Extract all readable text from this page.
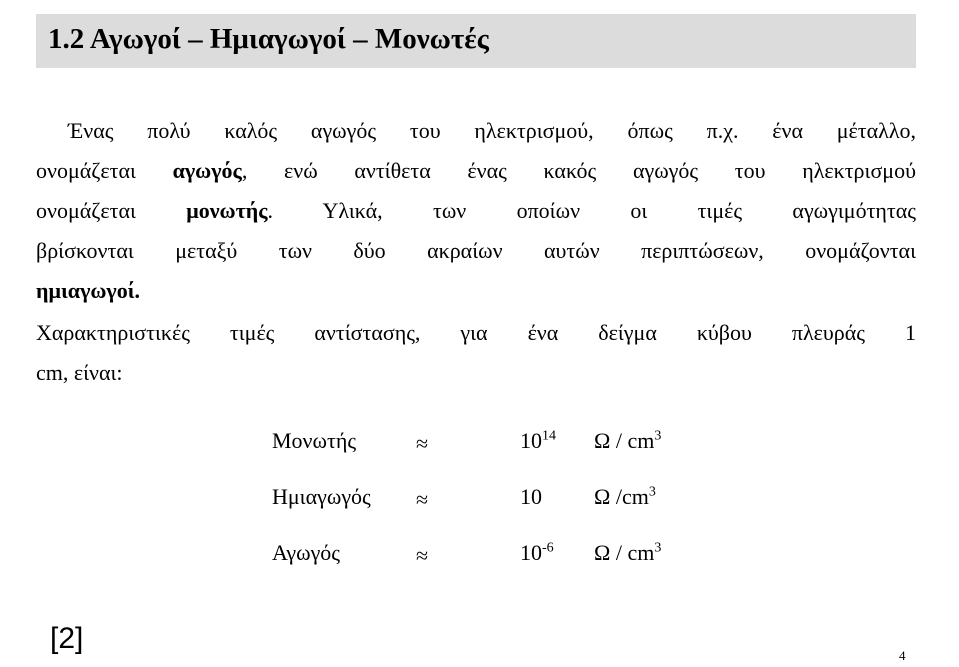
1.2 Αγωγοί – Ημιαγωγοί – Μονωτές
Ένας πολύ καλός αγωγός του ηλεκτρισμού, όπως π.χ. ένα μέταλλο,
ονομάζεται αγωγός, ενώ αντίθετα ένας κακός αγωγός του ηλεκτρισμού
ονομάζεται μονωτής. Υλικά, των οποίων οι τιμές αγωγιμότητας
βρίσκονται μεταξύ των δύο ακραίων αυτών περιπτώσεων, ονομάζονται
ημιαγωγοί.
Χαρακτηριστικές τιμές αντίστασης, για ένα δείγμα κύβου πλευράς 1
cm, είναι:
Μονωτής	≈	$10^{14}$ Ω / $cm^3$
Ημιαγωγός ≈	10 Ω $/cm^3$
Αγωγός	≈	$10^{-6}$ Ω / $cm^3$
[2]
4
